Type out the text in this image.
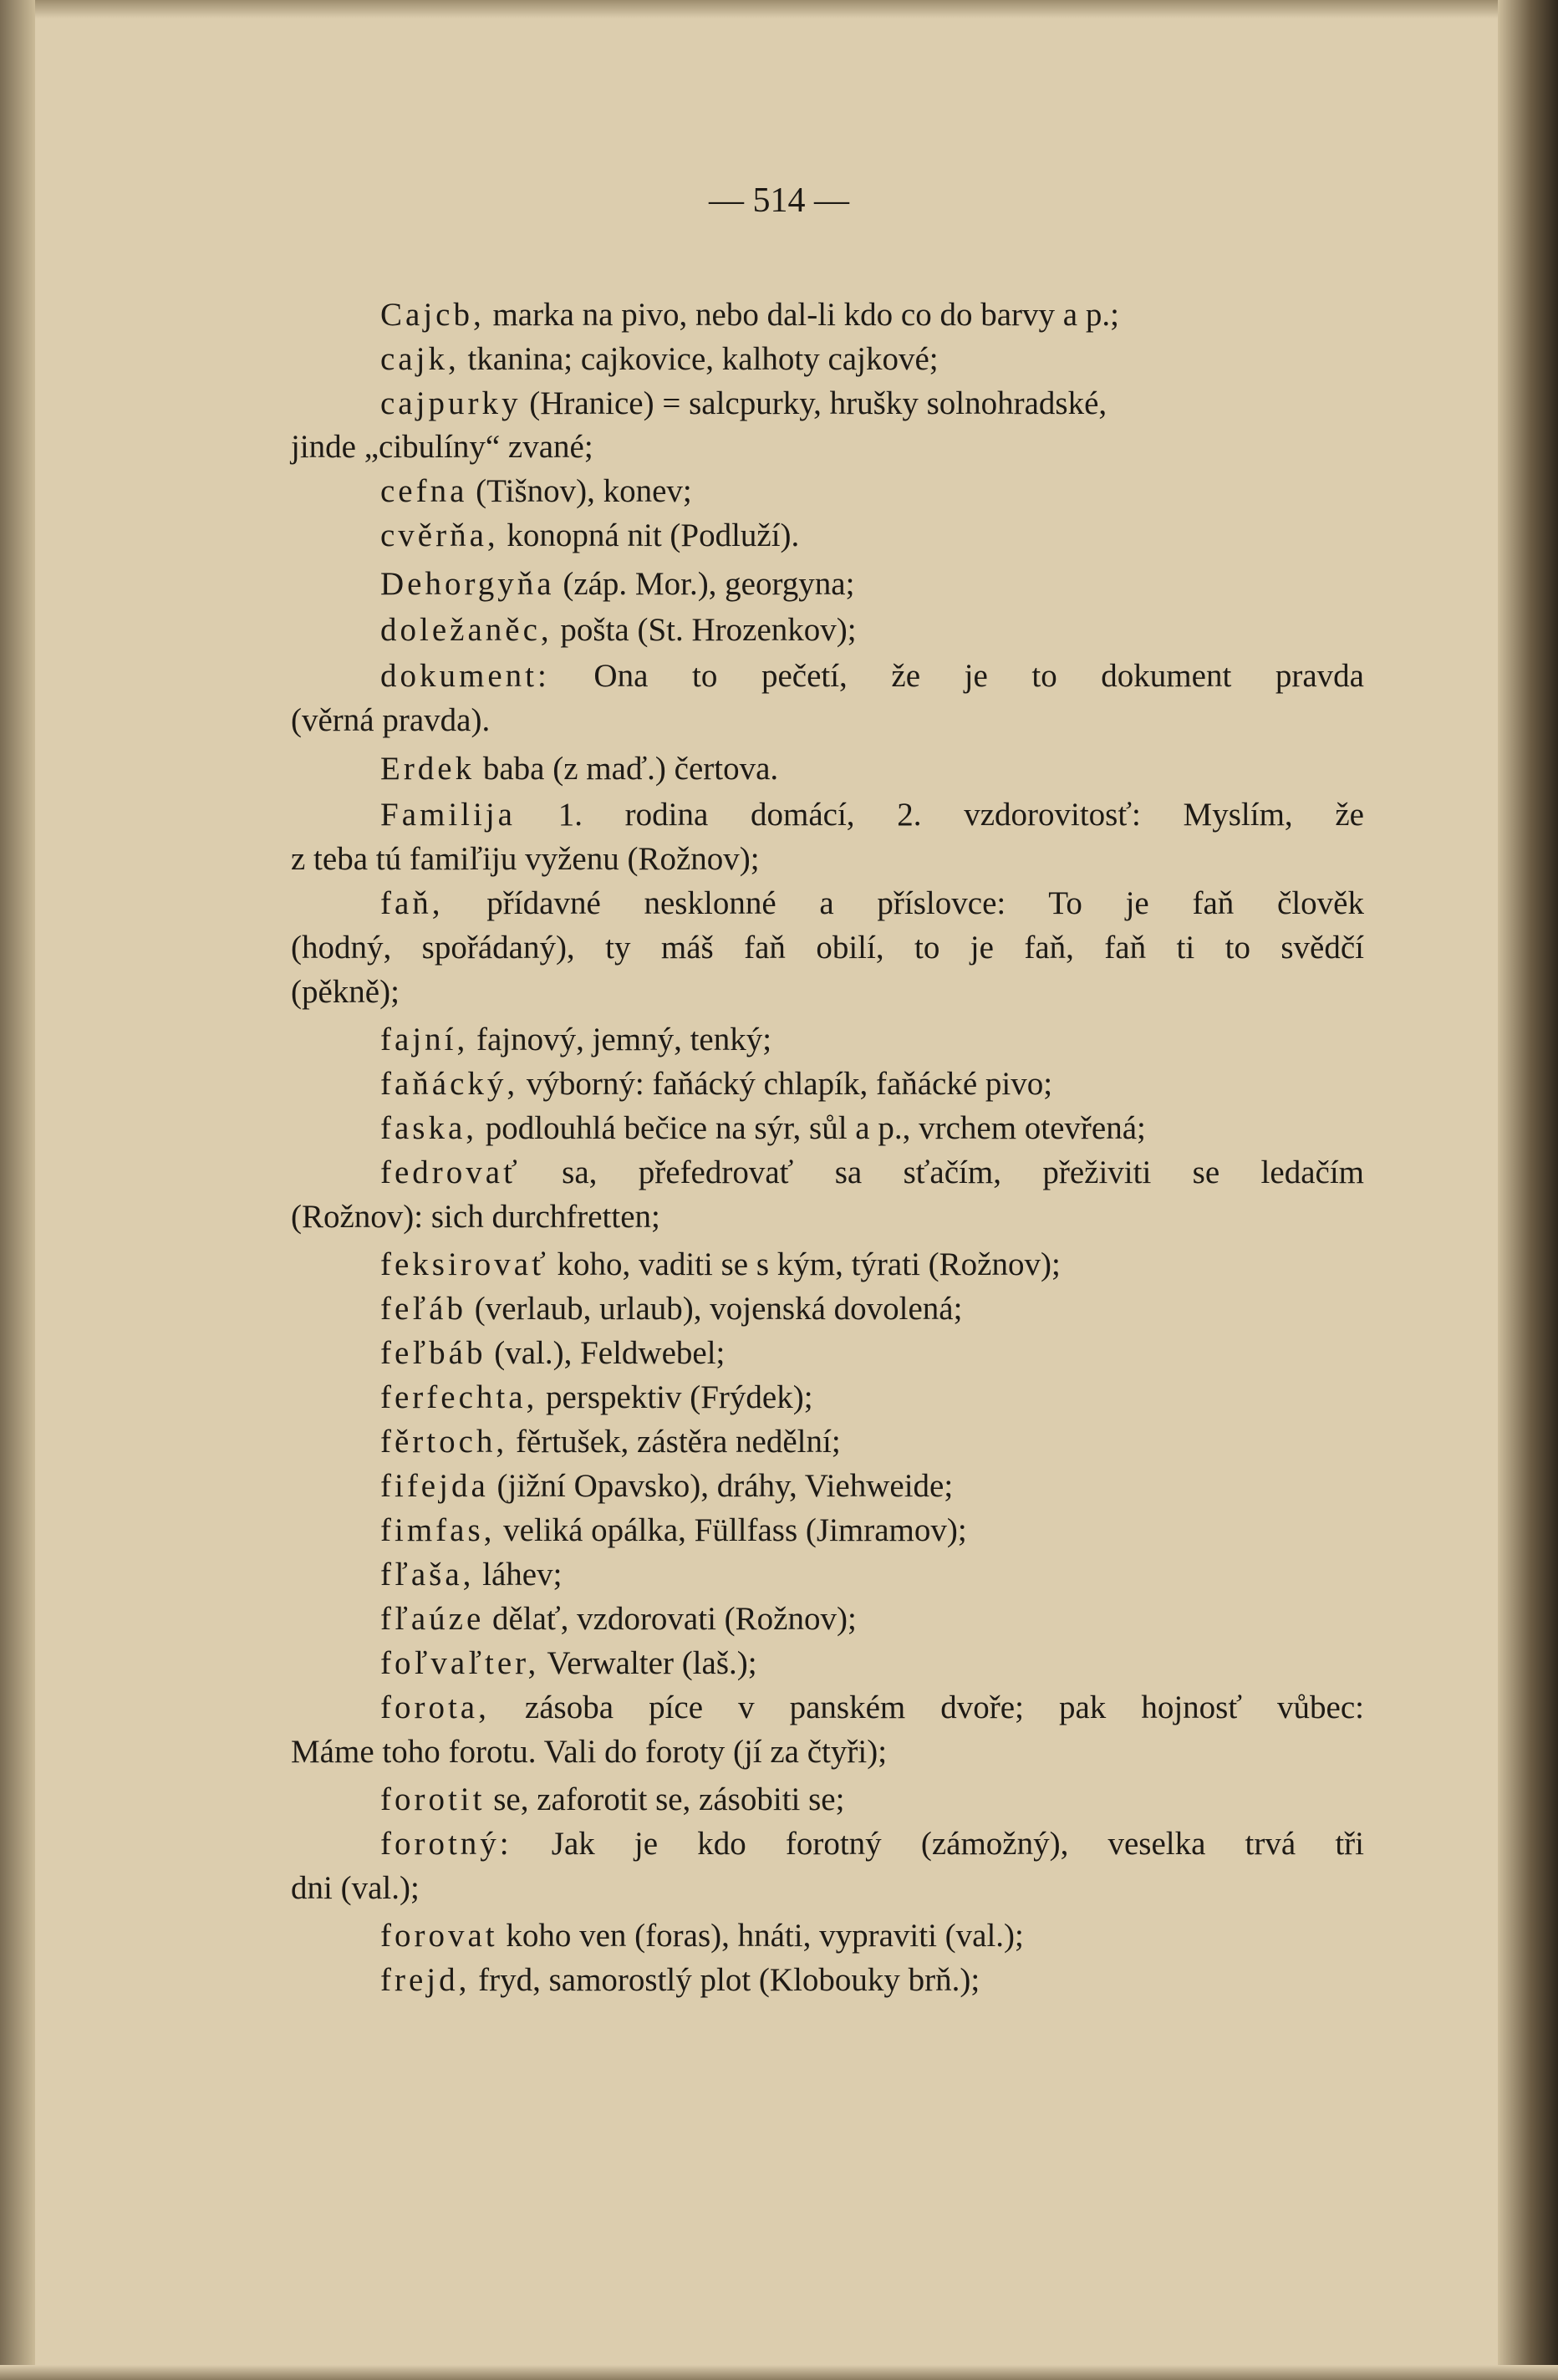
— 514 —
Cajcb, marka na pivo, nebo dal-li kdo co do barvy a p.;
cajk, tkanina; cajkovice, kalhoty cajkové;
cajpurky (Hranice) = salcpurky, hrušky solnohradské,
jinde „cibulíny“ zvané;
cefna (Tišnov), konev;
cvěrňa, konopná nit (Podluží).
Dehorgyňa (záp. Mor.), georgyna;
doležaněc, pošta (St. Hrozenkov);
dokument: Ona to pečetí, že je to dokument pravda
(věrná pravda).
Erdek baba (z maď.) čertova.
Familija 1. rodina domácí, 2. vzdorovitosť: Myslím, že
z teba tú famiľiju vyženu (Rožnov);
faň, přídavné nesklonné a příslovce: To je faň člověk
(hodný, spořádaný), ty máš faň obilí, to je faň, faň ti to svědčí
(pěkně);
fajní, fajnový, jemný, tenký;
faňácký, výborný: faňácký chlapík, faňácké pivo;
faska, podlouhlá bečice na sýr, sůl a p., vrchem otevřená;
fedrovať sa, přefedrovať sa sťačím, přeživiti se ledačím
(Rožnov): sich durchfretten;
feksirovať koho, vaditi se s kým, týrati (Rožnov);
feľáb (verlaub, urlaub), vojenská dovolená;
feľbáb (val.), Feldwebel;
ferfechta, perspektiv (Frýdek);
fěrtoch, fěrtušek, zástěra nedělní;
fifejda (jižní Opavsko), dráhy, Viehweide;
fimfas, veliká opálka, Füllfass (Jimramov);
fľaša, láhev;
fľaúze dělať, vzdorovati (Rožnov);
foľvaľter, Verwalter (laš.);
forota, zásoba píce v panském dvoře; pak hojnosť vůbec:
Máme toho forotu. Vali do foroty (jí za čtyři);
forotit se, zaforotit se, zásobiti se;
forotný: Jak je kdo forotný (zámožný), veselka trvá tři
dni (val.);
forovat koho ven (foras), hnáti, vypraviti (val.);
frejd, fryd, samorostlý plot (Klobouky brň.);
